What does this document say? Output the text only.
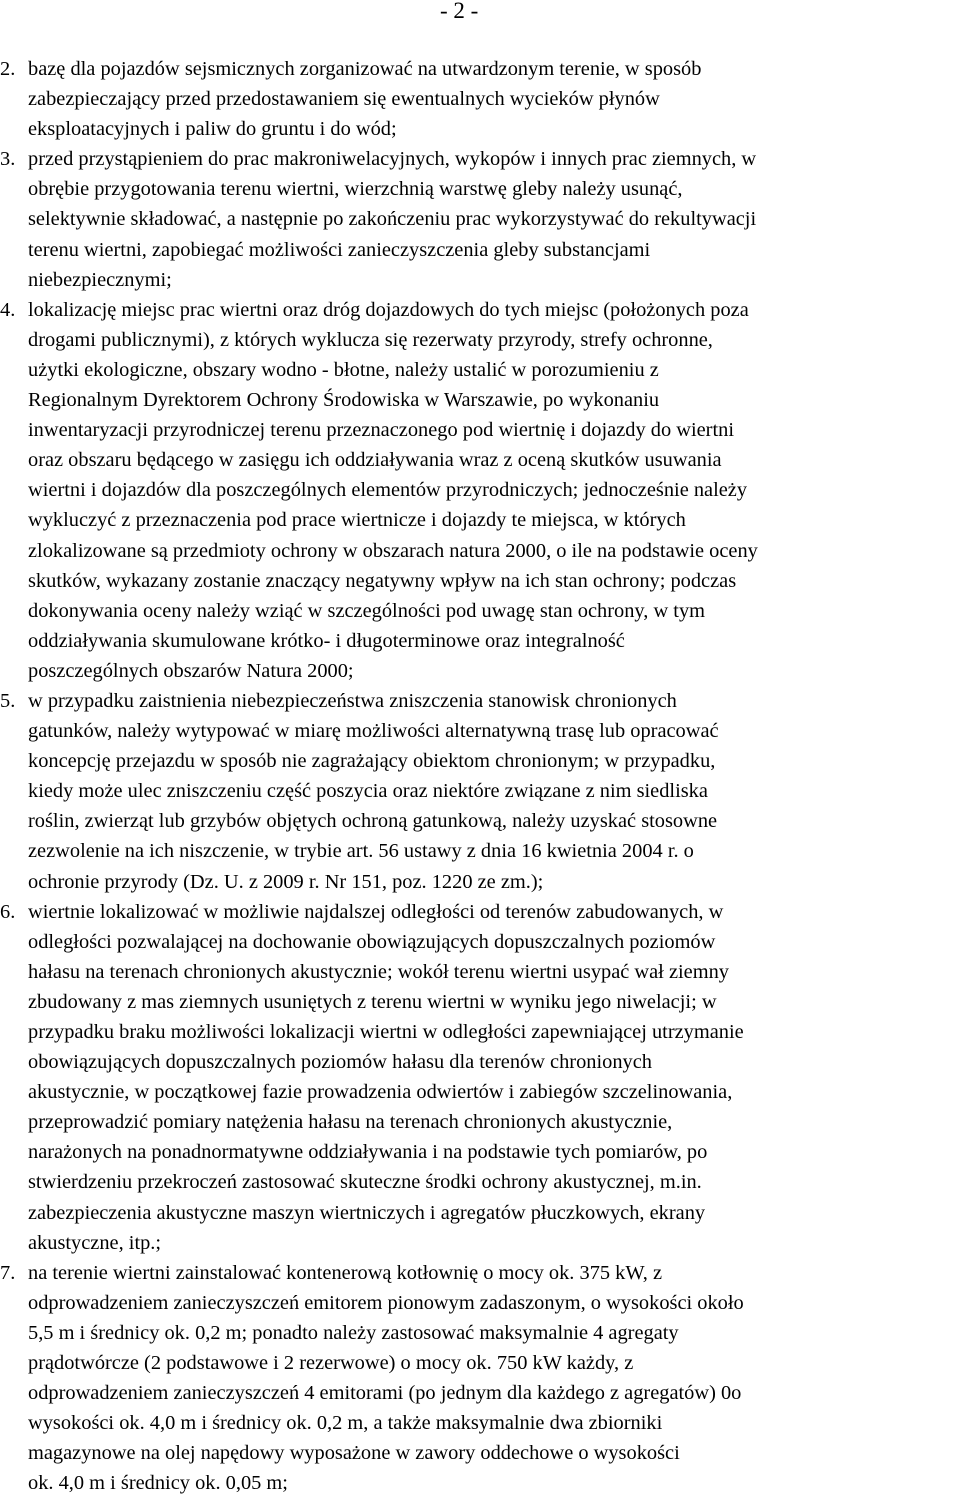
- 2 -
2. bazę dla pojazdów sejsmicznych zorganizować na utwardzonym terenie, w sposób
zabezpieczający przed przedostawaniem się ewentualnych wycieków płynów
eksploatacyjnych i paliw do gruntu i do wód;
3. przed przystąpieniem do prac makroniwelacyjnych, wykopów i innych prac ziemnych, w
obrębie przygotowania terenu wiertni, wierzchnią warstwę gleby należy usunąć,
selektywnie składować, a następnie po zakończeniu prac wykorzystywać do rekultywacji
terenu wiertni, zapobiegać możliwości zanieczyszczenia gleby substancjami
niebezpiecznymi;
4. lokalizację miejsc prac wiertni oraz dróg dojazdowych do tych miejsc (położonych poza
drogami publicznymi), z których wyklucza się rezerwaty przyrody, strefy ochronne,
użytki ekologiczne, obszary wodno - błotne, należy ustalić w porozumieniu z
Regionalnym Dyrektorem Ochrony Środowiska w Warszawie, po wykonaniu
inwentaryzacji przyrodniczej terenu przeznaczonego pod wiertnię i dojazdy do wiertni
oraz obszaru będącego w zasięgu ich oddziaływania wraz z oceną skutków usuwania
wiertni i dojazdów dla poszczególnych elementów przyrodniczych; jednocześnie należy
wykluczyć z przeznaczenia pod prace wiertnicze i dojazdy te miejsca, w których
zlokalizowane są przedmioty ochrony w obszarach natura 2000, o ile na podstawie oceny
skutków, wykazany zostanie znaczący negatywny wpływ na ich stan ochrony; podczas
dokonywania oceny należy wziąć w szczególności pod uwagę stan ochrony, w tym
oddziaływania skumulowane krótko- i długoterminowe oraz integralność
poszczególnych obszarów Natura 2000;
5. w przypadku zaistnienia niebezpieczeństwa zniszczenia stanowisk chronionych
gatunków, należy wytypować w miarę możliwości alternatywną trasę lub opracować
koncepcję przejazdu w sposób nie zagrażający obiektom chronionym; w przypadku,
kiedy może ulec zniszczeniu część poszycia oraz niektóre związane z nim siedliska
roślin, zwierząt lub grzybów objętych ochroną gatunkową, należy uzyskać stosowne
zezwolenie na ich niszczenie, w trybie art. 56 ustawy z dnia 16 kwietnia 2004 r. o
ochronie przyrody (Dz. U. z 2009 r. Nr 151, poz. 1220 ze zm.);
6. wiertnie lokalizować w możliwie najdalszej odległości od terenów zabudowanych, w
odległości pozwalającej na dochowanie obowiązujących dopuszczalnych poziomów
hałasu na terenach chronionych akustycznie; wokół terenu wiertni usypać wał ziemny
zbudowany z mas ziemnych usuniętych z terenu wiertni w wyniku jego niwelacji; w
przypadku braku możliwości lokalizacji wiertni w odległości zapewniającej utrzymanie
obowiązujących dopuszczalnych poziomów hałasu dla terenów chronionych
akustycznie, w początkowej fazie prowadzenia odwiertów i zabiegów szczelinowania,
przeprowadzić pomiary natężenia hałasu na terenach chronionych akustycznie,
narażonych na ponadnormatywne oddziaływania i na podstawie tych pomiarów, po
stwierdzeniu przekroczeń zastosować skuteczne środki ochrony akustycznej, m.in.
zabezpieczenia akustyczne maszyn wiertniczych i agregatów płuczkowych, ekrany
akustyczne, itp.;
7. na terenie wiertni zainstalować kontenerową kotłownię o mocy ok. 375 kW, z
odprowadzeniem zanieczyszczeń emitorem pionowym zadaszonym, o wysokości około
5,5 m i średnicy ok. 0,2 m; ponadto należy zastosować maksymalnie 4 agregaty
prądotwórcze (2 podstawowe i 2 rezerwowe) o mocy ok. 750 kW każdy, z
odprowadzeniem zanieczyszczeń 4 emitorami (po jednym dla każdego z agregatów) 0o
wysokości ok. 4,0 m i średnicy ok. 0,2 m, a także maksymalnie dwa zbiorniki
magazynowe na olej napędowy wyposażone w zawory oddechowe o wysokości
ok. 4,0 m i średnicy ok. 0,05 m;
